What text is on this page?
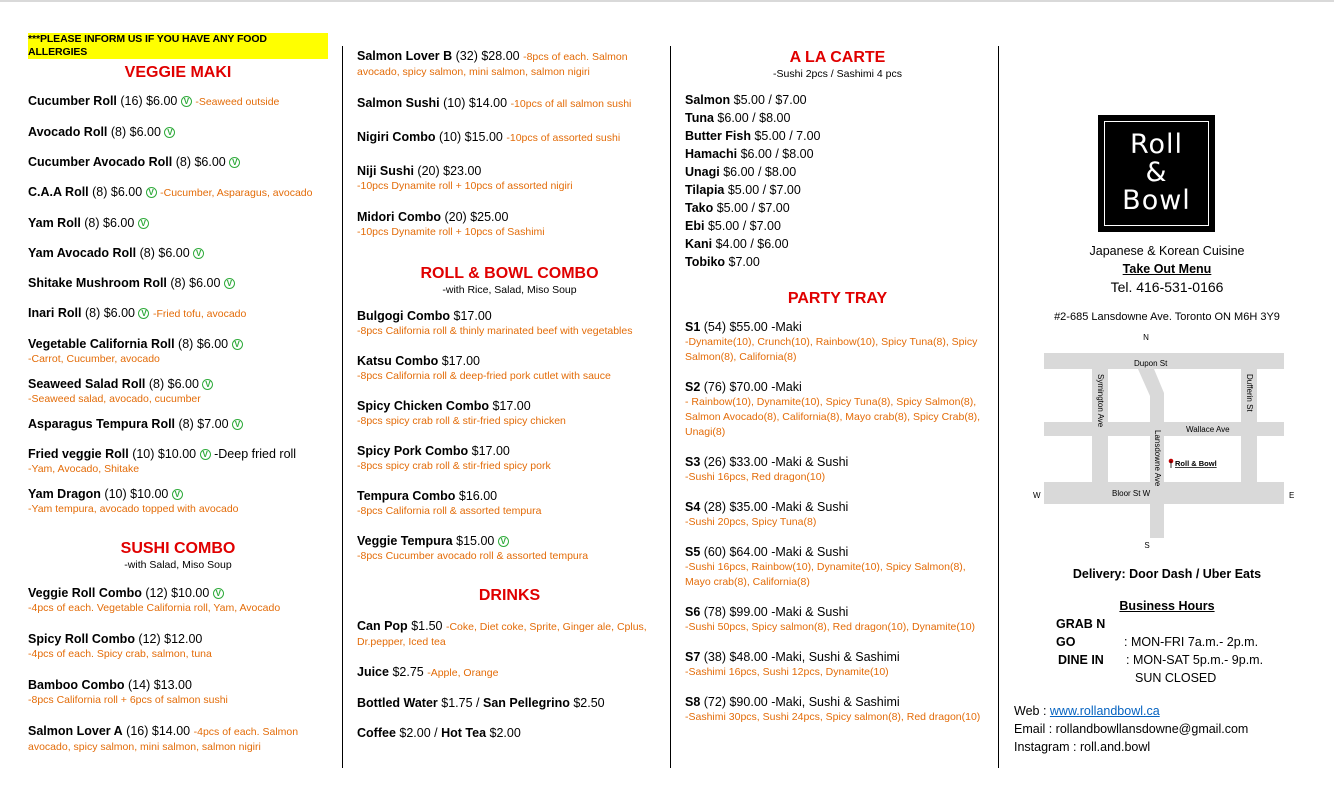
***PLEASE INFORM US IF YOU HAVE ANY FOOD ALLERGIES
VEGGIE MAKI
Cucumber Roll (16) $6.00 V -Seaweed outside
Avocado Roll (8) $6.00 V
Cucumber Avocado Roll (8) $6.00 V
C.A.A Roll (8) $6.00 V -Cucumber, Asparagus, avocado
Yam Roll (8) $6.00 V
Yam Avocado Roll (8) $6.00 V
Shitake Mushroom Roll (8) $6.00 V
Inari Roll (8) $6.00 V -Fried tofu, avocado
Vegetable California Roll (8) $6.00 V
-Carrot, Cucumber, avocado
Seaweed Salad Roll (8) $6.00 V
-Seaweed salad, avocado, cucumber
Asparagus Tempura Roll (8) $7.00 V
Fried veggie Roll (10) $10.00 V -Deep fried roll
-Yam, Avocado, Shitake
Yam Dragon (10) $10.00 V
-Yam tempura, avocado topped with avocado
SUSHI COMBO
-with Salad, Miso Soup
Veggie Roll Combo (12) $10.00 V
-4pcs of each. Vegetable California roll, Yam, Avocado
Spicy Roll Combo (12) $12.00
-4pcs of each. Spicy crab, salmon, tuna
Bamboo Combo (14) $13.00
-8pcs California roll + 6pcs of salmon sushi
Salmon Lover A (16) $14.00 -4pcs of each. Salmon
avocado, spicy salmon, mini salmon, salmon nigiri
Salmon Lover B (32) $28.00 -8pcs of each. Salmon
avocado, spicy salmon, mini salmon, salmon nigiri
Salmon Sushi (10) $14.00 -10pcs of all salmon sushi
Nigiri Combo (10) $15.00 -10pcs of assorted sushi
Niji Sushi (20) $23.00
-10pcs Dynamite roll + 10pcs of assorted nigiri
Midori Combo (20) $25.00
-10pcs Dynamite roll + 10pcs of Sashimi
ROLL & BOWL COMBO
-with Rice, Salad, Miso Soup
Bulgogi Combo $17.00
-8pcs California roll & thinly marinated beef with vegetables
Katsu Combo $17.00
-8pcs California roll & deep-fried pork cutlet with sauce
Spicy Chicken Combo $17.00
-8pcs spicy crab roll & stir-fried spicy chicken
Spicy Pork Combo $17.00
-8pcs spicy crab roll & stir-fried spicy pork
Tempura Combo $16.00
-8pcs California roll & assorted tempura
Veggie Tempura $15.00 V
-8pcs Cucumber avocado roll & assorted tempura
DRINKS
Can Pop $1.50 -Coke, Diet coke, Sprite, Ginger ale, Cplus,
Dr.pepper, Iced tea
Juice $2.75 -Apple, Orange
Bottled Water $1.75 / San Pellegrino $2.50
Coffee $2.00 / Hot Tea $2.00
A LA CARTE
-Sushi 2pcs / Sashimi 4 pcs
Salmon $5.00 / $7.00
Tuna $6.00 / $8.00
Butter Fish $5.00 / 7.00
Hamachi $6.00 / $8.00
Unagi $6.00 / $8.00
Tilapia $5.00 / $7.00
Tako $5.00 / $7.00
Ebi $5.00 / $7.00
Kani $4.00 / $6.00
Tobiko $7.00
PARTY TRAY
S1 (54) $55.00 -Maki
-Dynamite(10), Crunch(10), Rainbow(10), Spicy Tuna(8), Spicy Salmon(8), California(8)
S2 (76) $70.00 -Maki
- Rainbow(10), Dynamite(10), Spicy Tuna(8), Spicy Salmon(8), Salmon Avocado(8), California(8), Mayo crab(8), Spicy Crab(8), Unagi(8)
S3 (26) $33.00 -Maki & Sushi
-Sushi 16pcs, Red dragon(10)
S4 (28) $35.00 -Maki & Sushi
-Sushi 20pcs, Spicy Tuna(8)
S5 (60) $64.00 -Maki & Sushi
-Sushi 16pcs, Rainbow(10), Dynamite(10), Spicy Salmon(8), Mayo crab(8), California(8)
S6 (78) $99.00 -Maki & Sushi
-Sushi 50pcs, Spicy salmon(8), Red dragon(10), Dynamite(10)
S7 (38) $48.00 -Maki, Sushi & Sashimi
-Sashimi 16pcs, Sushi 12pcs, Dynamite(10)
S8 (72) $90.00 -Maki, Sushi & Sashimi
-Sashimi 30pcs, Sushi 24pcs, Spicy salmon(8), Red dragon(10)
Roll
&
Bowl
Japanese & Korean Cuisine
Take Out Menu
Tel. 416-531-0166
#2-685 Lansdowne Ave. Toronto ON M6H 3Y9
N
S
W	E
Dupon St
Wallace Ave
Bloor St W
Symington Ave	Dufferin St
Lansdowne Ave Roll & Bowl
Delivery: Door Dash / Uber Eats
Business Hours
GRAB N GO	: MON-FRI 7a.m.- 2p.m.
DINE IN : MON-SAT 5p.m.- 9p.m.
SUN CLOSED
Web : www.rollandbowl.ca
Email : rollandbowllansdowne@gmail.com
Instagram : roll.and.bowl
